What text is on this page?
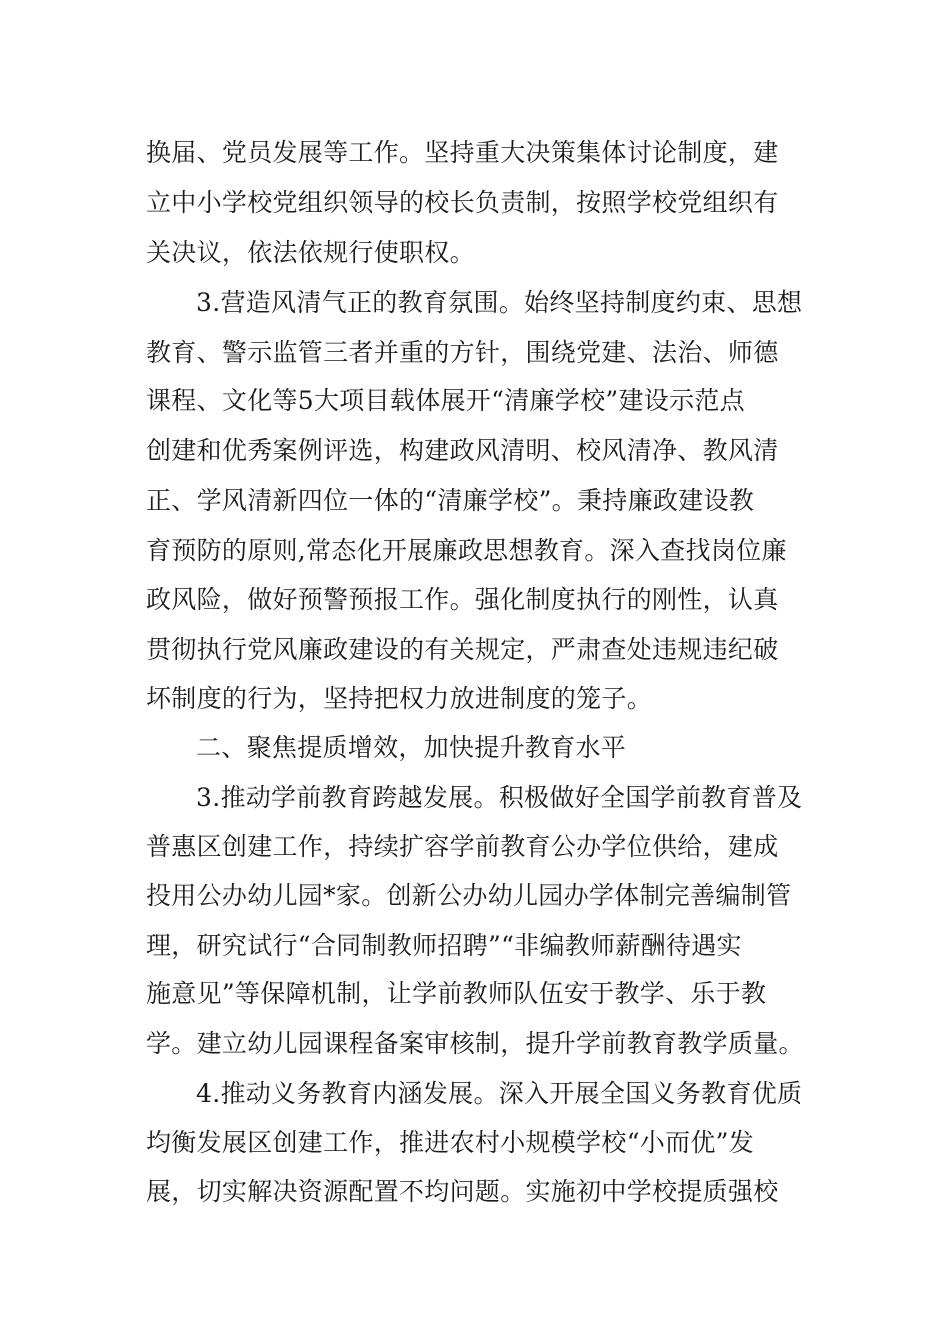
换届、党员发展等工作。坚持重大决策集体讨论制度，建
立中小学校党组织领导的校长负责制，按照学校党组织有
关决议，依法依规行使职权。
3.营造风清气正的教育氛围。始终坚持制度约束、思想
教育、警示监管三者并重的方针，围绕党建、法治、师德
课程、文化等5大项目载体展开“清廉学校”建设示范点
创建和优秀案例评选，构建政风清明、校风清净、教风清
正、学风清新四位一体的“清廉学校”。秉持廉政建设教
育预防的原则,常态化开展廉政思想教育。深入查找岗位廉
政风险，做好预警预报工作。强化制度执行的刚性，认真
贯彻执行党风廉政建设的有关规定，严肃查处违规违纪破
坏制度的行为，坚持把权力放进制度的笼子。
二、聚焦提质增效，加快提升教育水平
3.推动学前教育跨越发展。积极做好全国学前教育普及
普惠区创建工作，持续扩容学前教育公办学位供给，建成
投用公办幼儿园*家。创新公办幼儿园办学体制完善编制管
理，研究试行“合同制教师招聘”“非编教师薪酬待遇实
施意见”等保障机制，让学前教师队伍安于教学、乐于教
学。建立幼儿园课程备案审核制，提升学前教育教学质量。
4.推动义务教育内涵发展。深入开展全国义务教育优质
均衡发展区创建工作，推进农村小规模学校“小而优”发
展，切实解决资源配置不均问题。实施初中学校提质强校
